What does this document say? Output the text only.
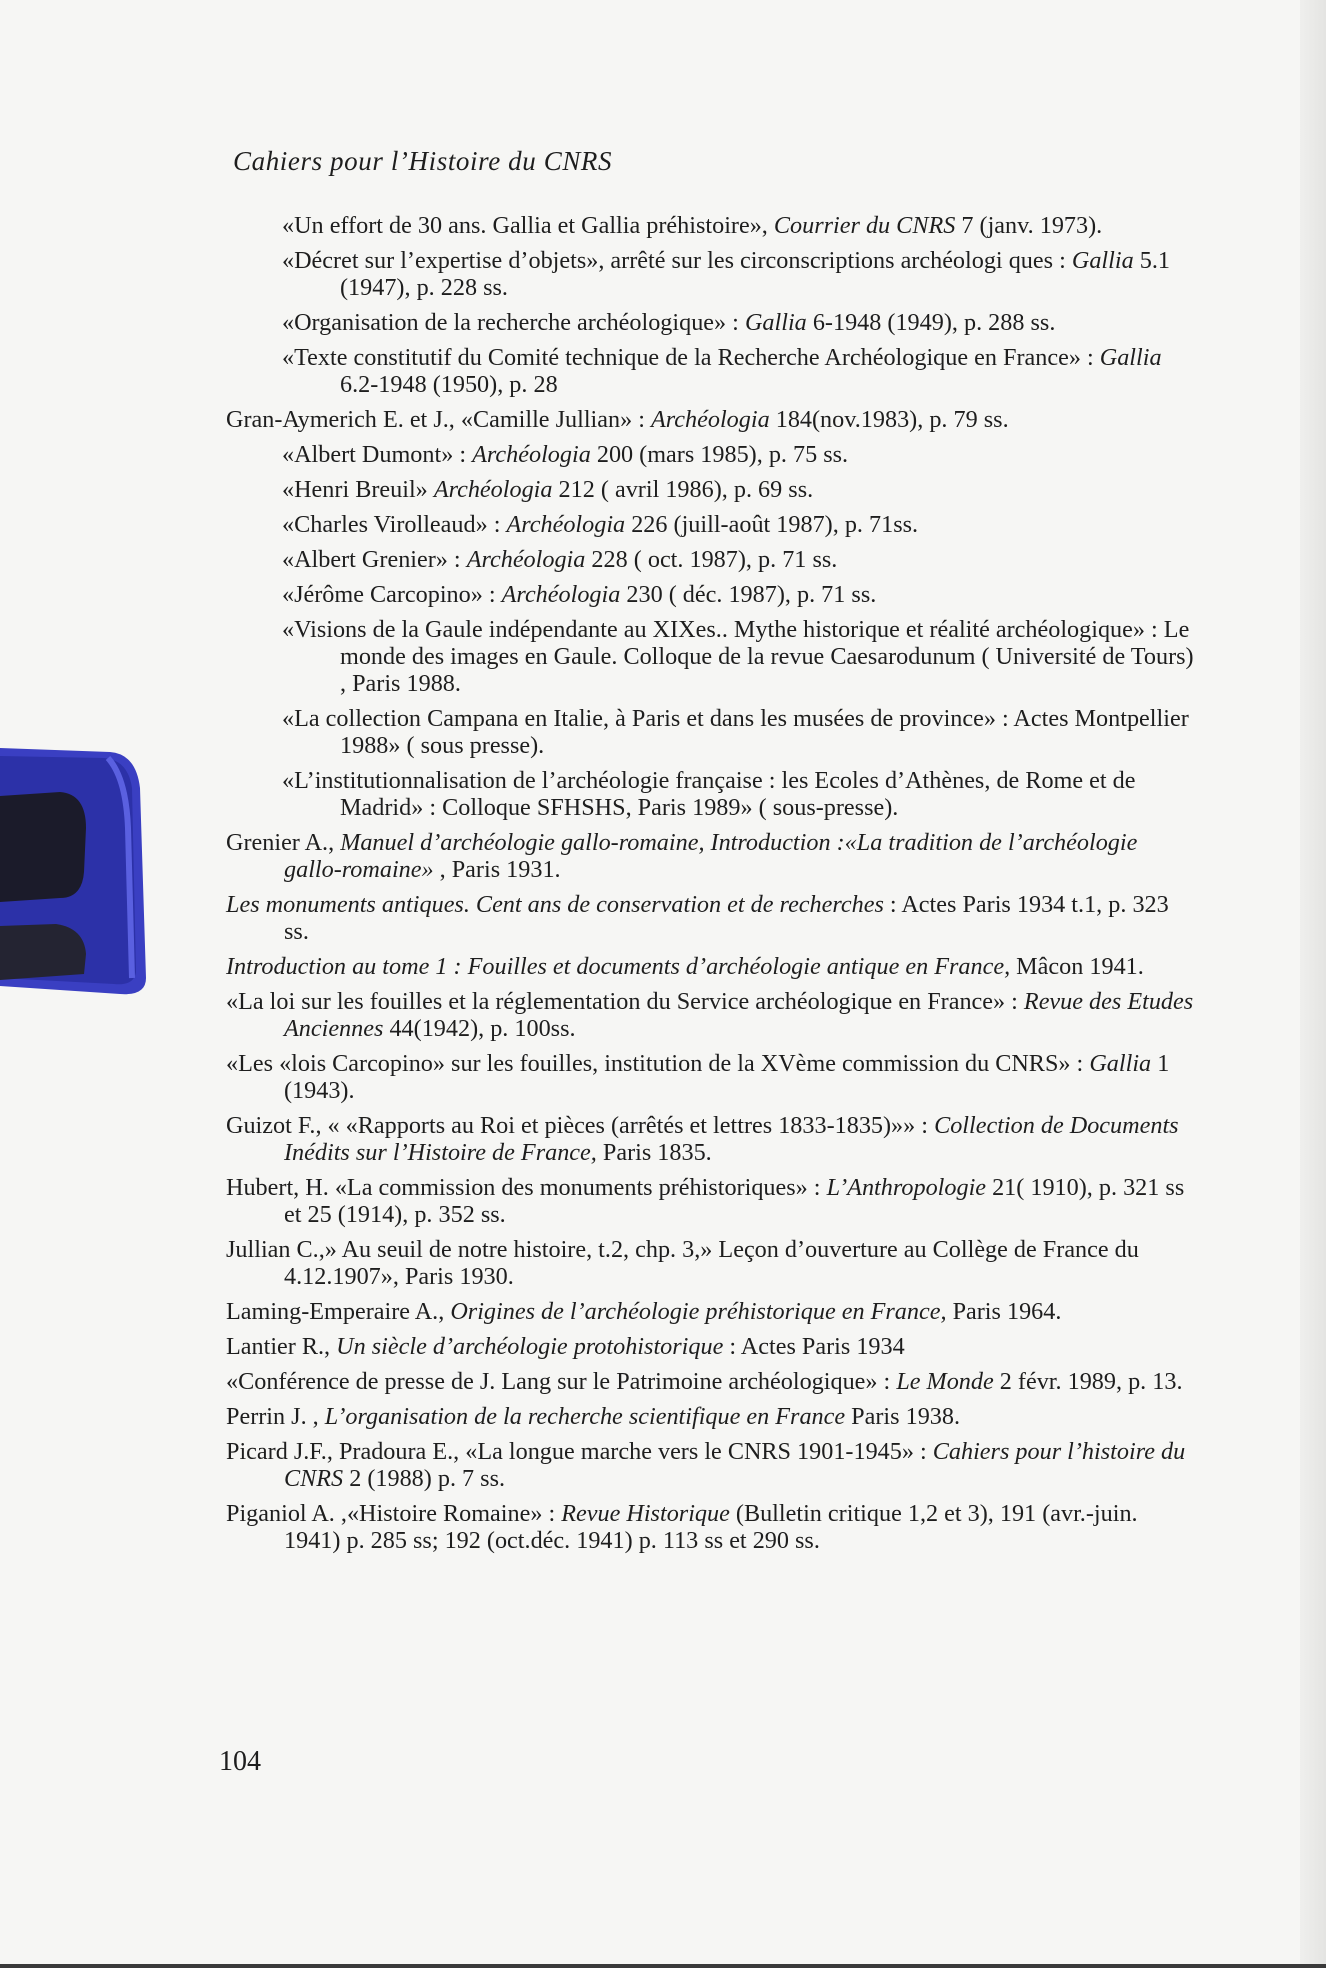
Cahiers pour l’Histoire du CNRS
«Un effort de 30 ans. Gallia et Gallia préhistoire», Courrier du CNRS 7 (janv. 1973).
«Décret sur l’expertise d’objets», arrêté sur les circonscriptions archéologi ques : Gallia 5.1 (1947), p. 228 ss.
«Organisation de la recherche archéologique» : Gallia 6-1948 (1949), p. 288 ss.
«Texte constitutif du Comité technique de la Recherche Archéologique en France» : Gallia 6.2-1948 (1950), p. 28
Gran-Aymerich E. et J., «Camille Jullian» : Archéologia 184(nov.1983), p. 79 ss.
«Albert Dumont» : Archéologia 200 (mars 1985), p. 75 ss.
«Henri Breuil» Archéologia 212 ( avril 1986), p. 69 ss.
«Charles Virolleaud» : Archéologia 226 (juill-août 1987), p. 71ss.
«Albert Grenier» : Archéologia 228 ( oct. 1987), p. 71 ss.
«Jérôme Carcopino» : Archéologia 230 ( déc. 1987), p. 71 ss.
«Visions de la Gaule indépendante au XIXes.. Mythe historique et réalité archéologique» : Le monde des images en Gaule. Colloque de la revue Caesarodunum ( Université de Tours) , Paris 1988.
«La collection Campana en Italie, à Paris et dans les musées de province» : Actes Montpellier 1988» ( sous presse).
«L’institutionnalisation de l’archéologie française : les Ecoles d’Athènes, de Rome et de Madrid» : Colloque SFHSHS, Paris 1989» ( sous-presse).
Grenier A., Manuel d’archéologie gallo-romaine, Introduction :«La tradition de l’archéologie gallo-romaine» , Paris 1931.
Les monuments antiques. Cent ans de conservation et de recherches : Actes Paris 1934 t.1, p. 323 ss.
Introduction au tome 1 : Fouilles et documents d’archéologie antique en France, Mâcon 1941.
«La loi sur les fouilles et la réglementation du Service archéologique en France» : Revue des Etudes Anciennes 44(1942), p. 100ss.
«Les «lois Carcopino» sur les fouilles, institution de la XVème commission du CNRS» : Gallia 1 (1943).
Guizot F., « «Rapports au Roi et pièces (arrêtés et lettres 1833-1835)»» : Collection de Documents Inédits sur l’Histoire de France, Paris 1835.
Hubert, H. «La commission des monuments préhistoriques» : L’Anthropologie 21( 1910), p. 321 ss et 25 (1914), p. 352 ss.
Jullian C.,» Au seuil de notre histoire, t.2, chp. 3,» Leçon d’ouverture au Collège de France du 4.12.1907», Paris 1930.
Laming-Emperaire A., Origines de l’archéologie préhistorique en France, Paris 1964.
Lantier R., Un siècle d’archéologie protohistorique : Actes Paris 1934
«Conférence de presse de J. Lang sur le Patrimoine archéologique» : Le Monde 2 févr. 1989, p. 13.
Perrin J. , L’organisation de la recherche scientifique en France Paris 1938.
Picard J.F., Pradoura E., «La longue marche vers le CNRS 1901-1945» : Cahiers pour l’histoire du CNRS 2 (1988) p. 7 ss.
Piganiol A. ,«Histoire Romaine» : Revue Historique (Bulletin critique 1,2 et 3), 191 (avr.-juin. 1941) p. 285 ss; 192 (oct.déc. 1941) p. 113 ss et 290 ss.
104
